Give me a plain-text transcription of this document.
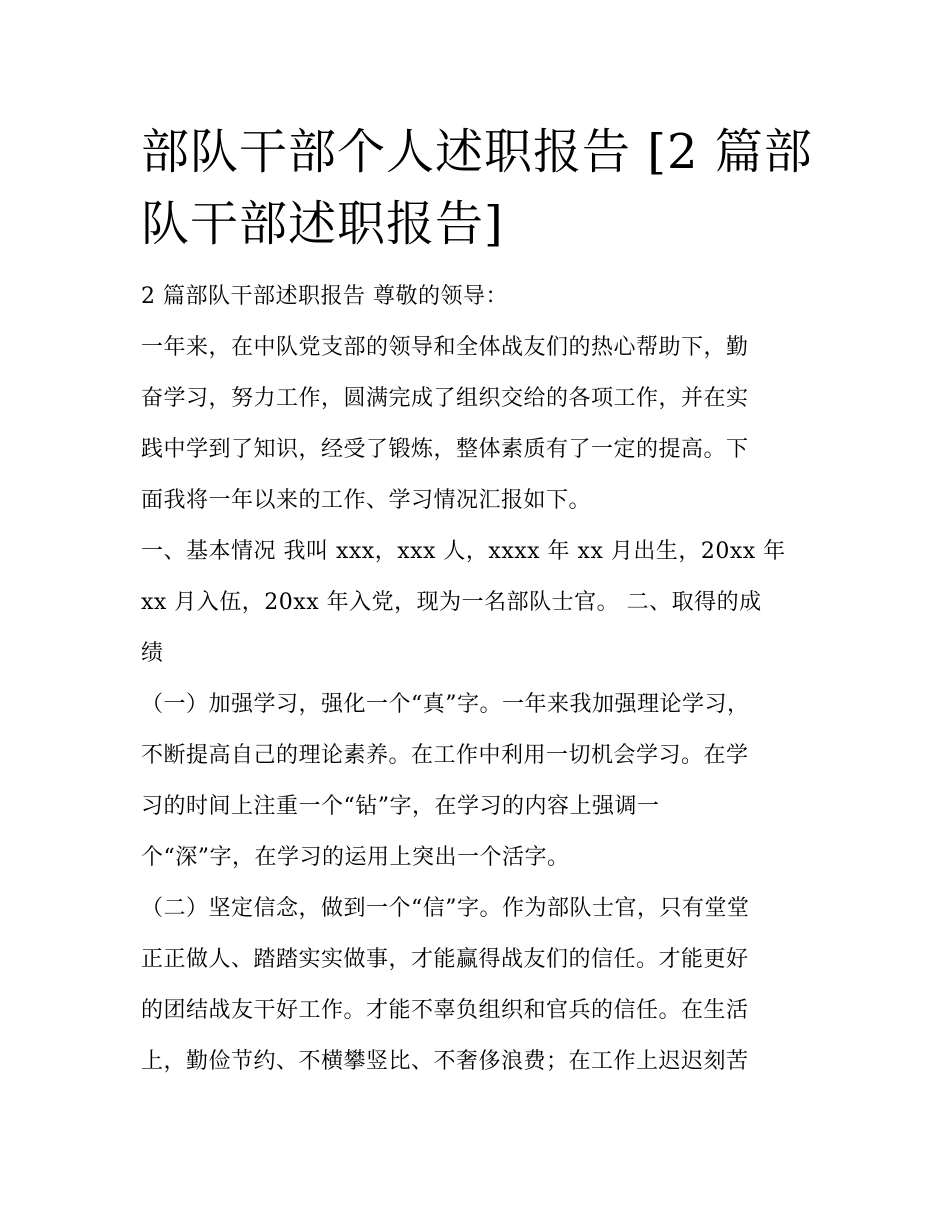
部队干部个人述职报告 [2 篇部
队干部述职报告]

2 篇部队干部述职报告 尊敬的领导：

一年来，在中队党支部的领导和全体战友们的热心帮助下，勤
奋学习，努力工作，圆满完成了组织交给的各项工作，并在实
践中学到了知识，经受了锻炼，整体素质有了一定的提高。下
面我将一年以来的工作、学习情况汇报如下。

一、基本情况 我叫 xxx，xxx 人，xxxx 年 xx 月出生，20xx 年
xx 月入伍，20xx 年入党，现为一名部队士官。 二、取得的成
绩

（一）加强学习，强化一个“真”字。一年来我加强理论学习，
不断提高自己的理论素养。在工作中利用一切机会学习。在学
习的时间上注重一个“钻”字，在学习的内容上强调一
个“深”字，在学习的运用上突出一个活字。

（二）坚定信念，做到一个“信”字。作为部队士官，只有堂堂
正正做人、踏踏实实做事，才能赢得战友们的信任。才能更好
的团结战友干好工作。才能不辜负组织和官兵的信任。在生活
上，勤俭节约、不横攀竖比、不奢侈浪费；在工作上迟迟刻苦
